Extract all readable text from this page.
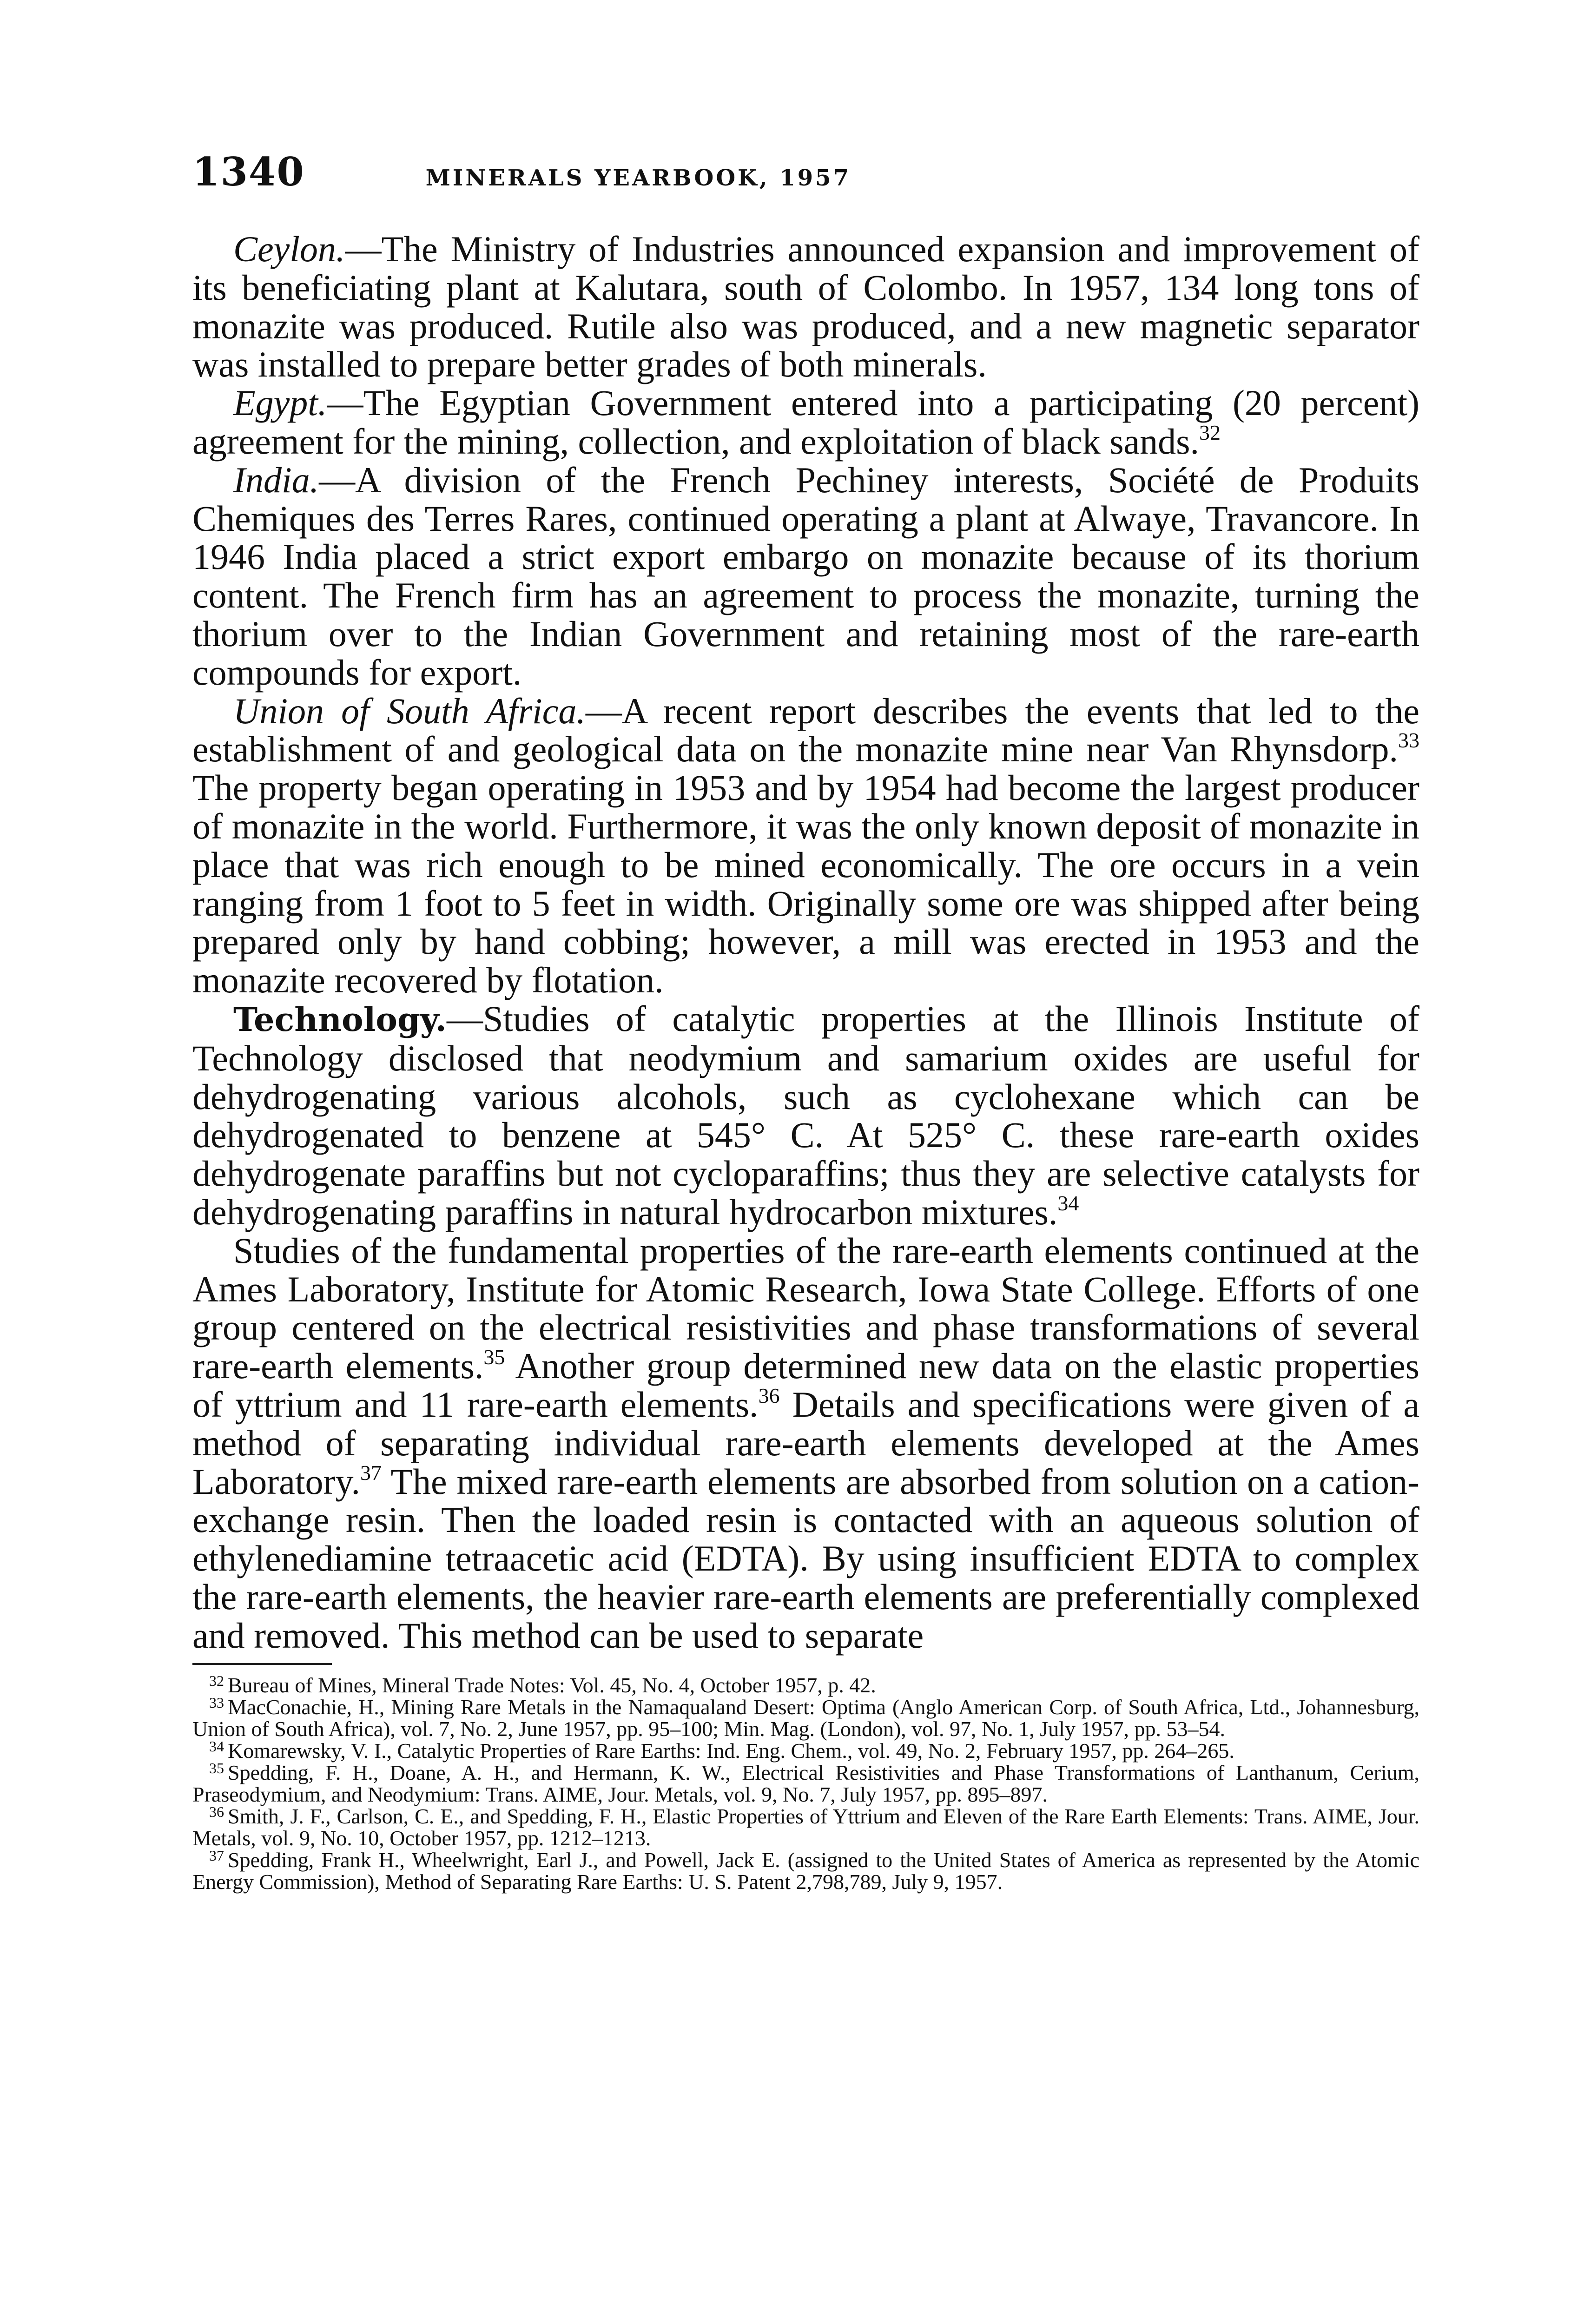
1340	MINERALS YEARBOOK, 1957

Ceylon.—The Ministry of Industries announced expansion and improvement of its beneficiating plant at Kalutara, south of Colombo. In 1957, 134 long tons of monazite was produced. Rutile also was produced, and a new magnetic separator was installed to prepare better grades of both minerals.

Egypt.—The Egyptian Government entered into a participating (20 percent) agreement for the mining, collection, and exploitation of black sands.$^{32}$

India.—A division of the French Pechiney interests, Société de Produits Chemiques des Terres Rares, continued operating a plant at Alwaye, Travancore. In 1946 India placed a strict export embargo on monazite because of its thorium content. The French firm has an agreement to process the monazite, turning the thorium over to the Indian Government and retaining most of the rare-earth compounds for export.

Union of South Africa.—A recent report describes the events that led to the establishment of and geological data on the monazite mine near Van Rhynsdorp.$^{33}$ The property began operating in 1953 and by 1954 had become the largest producer of monazite in the world. Furthermore, it was the only known deposit of monazite in place that was rich enough to be mined economically. The ore occurs in a vein ranging from 1 foot to 5 feet in width. Originally some ore was shipped after being prepared only by hand cobbing; however, a mill was erected in 1953 and the monazite recovered by flotation.

Technology.—Studies of catalytic properties at the Illinois Institute of Technology disclosed that neodymium and samarium oxides are useful for dehydrogenating various alcohols, such as cyclohexane which can be dehydrogenated to benzene at 545° C. At 525° C. these rare-earth oxides dehydrogenate paraffins but not cycloparaffins; thus they are selective catalysts for dehydrogenating paraffins in natural hydrocarbon mixtures.$^{34}$

Studies of the fundamental properties of the rare-earth elements continued at the Ames Laboratory, Institute for Atomic Research, Iowa State College. Efforts of one group centered on the electrical resistivities and phase transformations of several rare-earth elements.$^{35}$ Another group determined new data on the elastic properties of yttrium and 11 rare-earth elements.$^{36}$ Details and specifications were given of a method of separating individual rare-earth elements developed at the Ames Laboratory.$^{37}$ The mixed rare-earth elements are absorbed from solution on a cation-exchange resin. Then the loaded resin is contacted with an aqueous solution of ethylenediamine tetraacetic acid (EDTA). By using insufficient EDTA to complex the rare-earth elements, the heavier rare-earth elements are preferentially complexed and removed. This method can be used to separate

$^{32}$ Bureau of Mines, Mineral Trade Notes: Vol. 45, No. 4, October 1957, p. 42.

$^{33}$ MacConachie, H., Mining Rare Metals in the Namaqualand Desert: Optima (Anglo American Corp. of South Africa, Ltd., Johannesburg, Union of South Africa), vol. 7, No. 2, June 1957, pp. 95–100; Min. Mag. (London), vol. 97, No. 1, July 1957, pp. 53–54.

$^{34}$ Komarewsky, V. I., Catalytic Properties of Rare Earths: Ind. Eng. Chem., vol. 49, No. 2, February 1957, pp. 264–265.

$^{35}$ Spedding, F. H., Doane, A. H., and Hermann, K. W., Electrical Resistivities and Phase Transformations of Lanthanum, Cerium, Praseodymium, and Neodymium: Trans. AIME, Jour. Metals, vol. 9, No. 7, July 1957, pp. 895–897.

$^{36}$ Smith, J. F., Carlson, C. E., and Spedding, F. H., Elastic Properties of Yttrium and Eleven of the Rare Earth Elements: Trans. AIME, Jour. Metals, vol. 9, No. 10, October 1957, pp. 1212–1213.

$^{37}$ Spedding, Frank H., Wheelwright, Earl J., and Powell, Jack E. (assigned to the United States of America as represented by the Atomic Energy Commission), Method of Separating Rare Earths: U. S. Patent 2,798,789, July 9, 1957.
